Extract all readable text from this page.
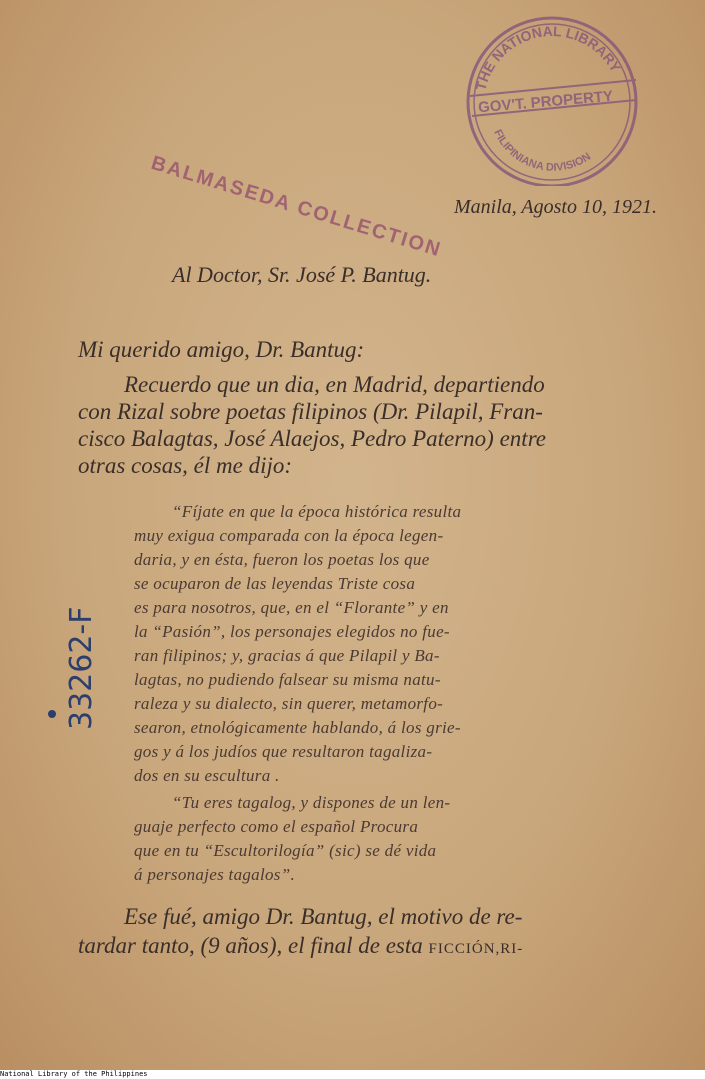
THE NATIONAL LIBRARY
GOV'T. PROPERTY
FILIPINIANA DIVISION
BALMASEDA COLLECTION Manila, Agosto 10, 1921.
Al Doctor, Sr. José P. Bantug.
Mi querido amigo, Dr. Bantug:
Recuerdo que un dia, en Madrid, departiendo
con Rizal sobre poetas filipinos (Dr. Pilapil, Fran-
cisco Balagtas, José Alaejos, Pedro Paterno) entre
otras cosas, él me dijo:
“Fíjate en que la época histórica resulta
muy exigua comparada con la época legen-
daria, y en ésta, fueron los poetas los que
se ocuparon de las leyendas Triste cosa
es para nosotros, que, en el “Florante” y en
la “Pasión”, los personajes elegidos no fue-
ran filipinos; y, gracias á que Pilapil y Ba-
lagtas, no pudiendo falsear su misma natu-
raleza y su dialecto, sin querer, metamorfo-
searon, etnológicamente hablando, á los grie-
gos y á los judíos que resultaron tagaliza-
dos en su escultura .
“Tu eres tagalog, y dispones de un len-
guaje perfecto como el español Procura
que en tu “Escultorilogía” (sic) se dé vida
á personajes tagalos”.
Ese fué, amigo Dr. Bantug, el motivo de re-
tardar tanto, (9 años), el final de esta FICCIÓN,RI-
33262-F
National Library of the Philippines
